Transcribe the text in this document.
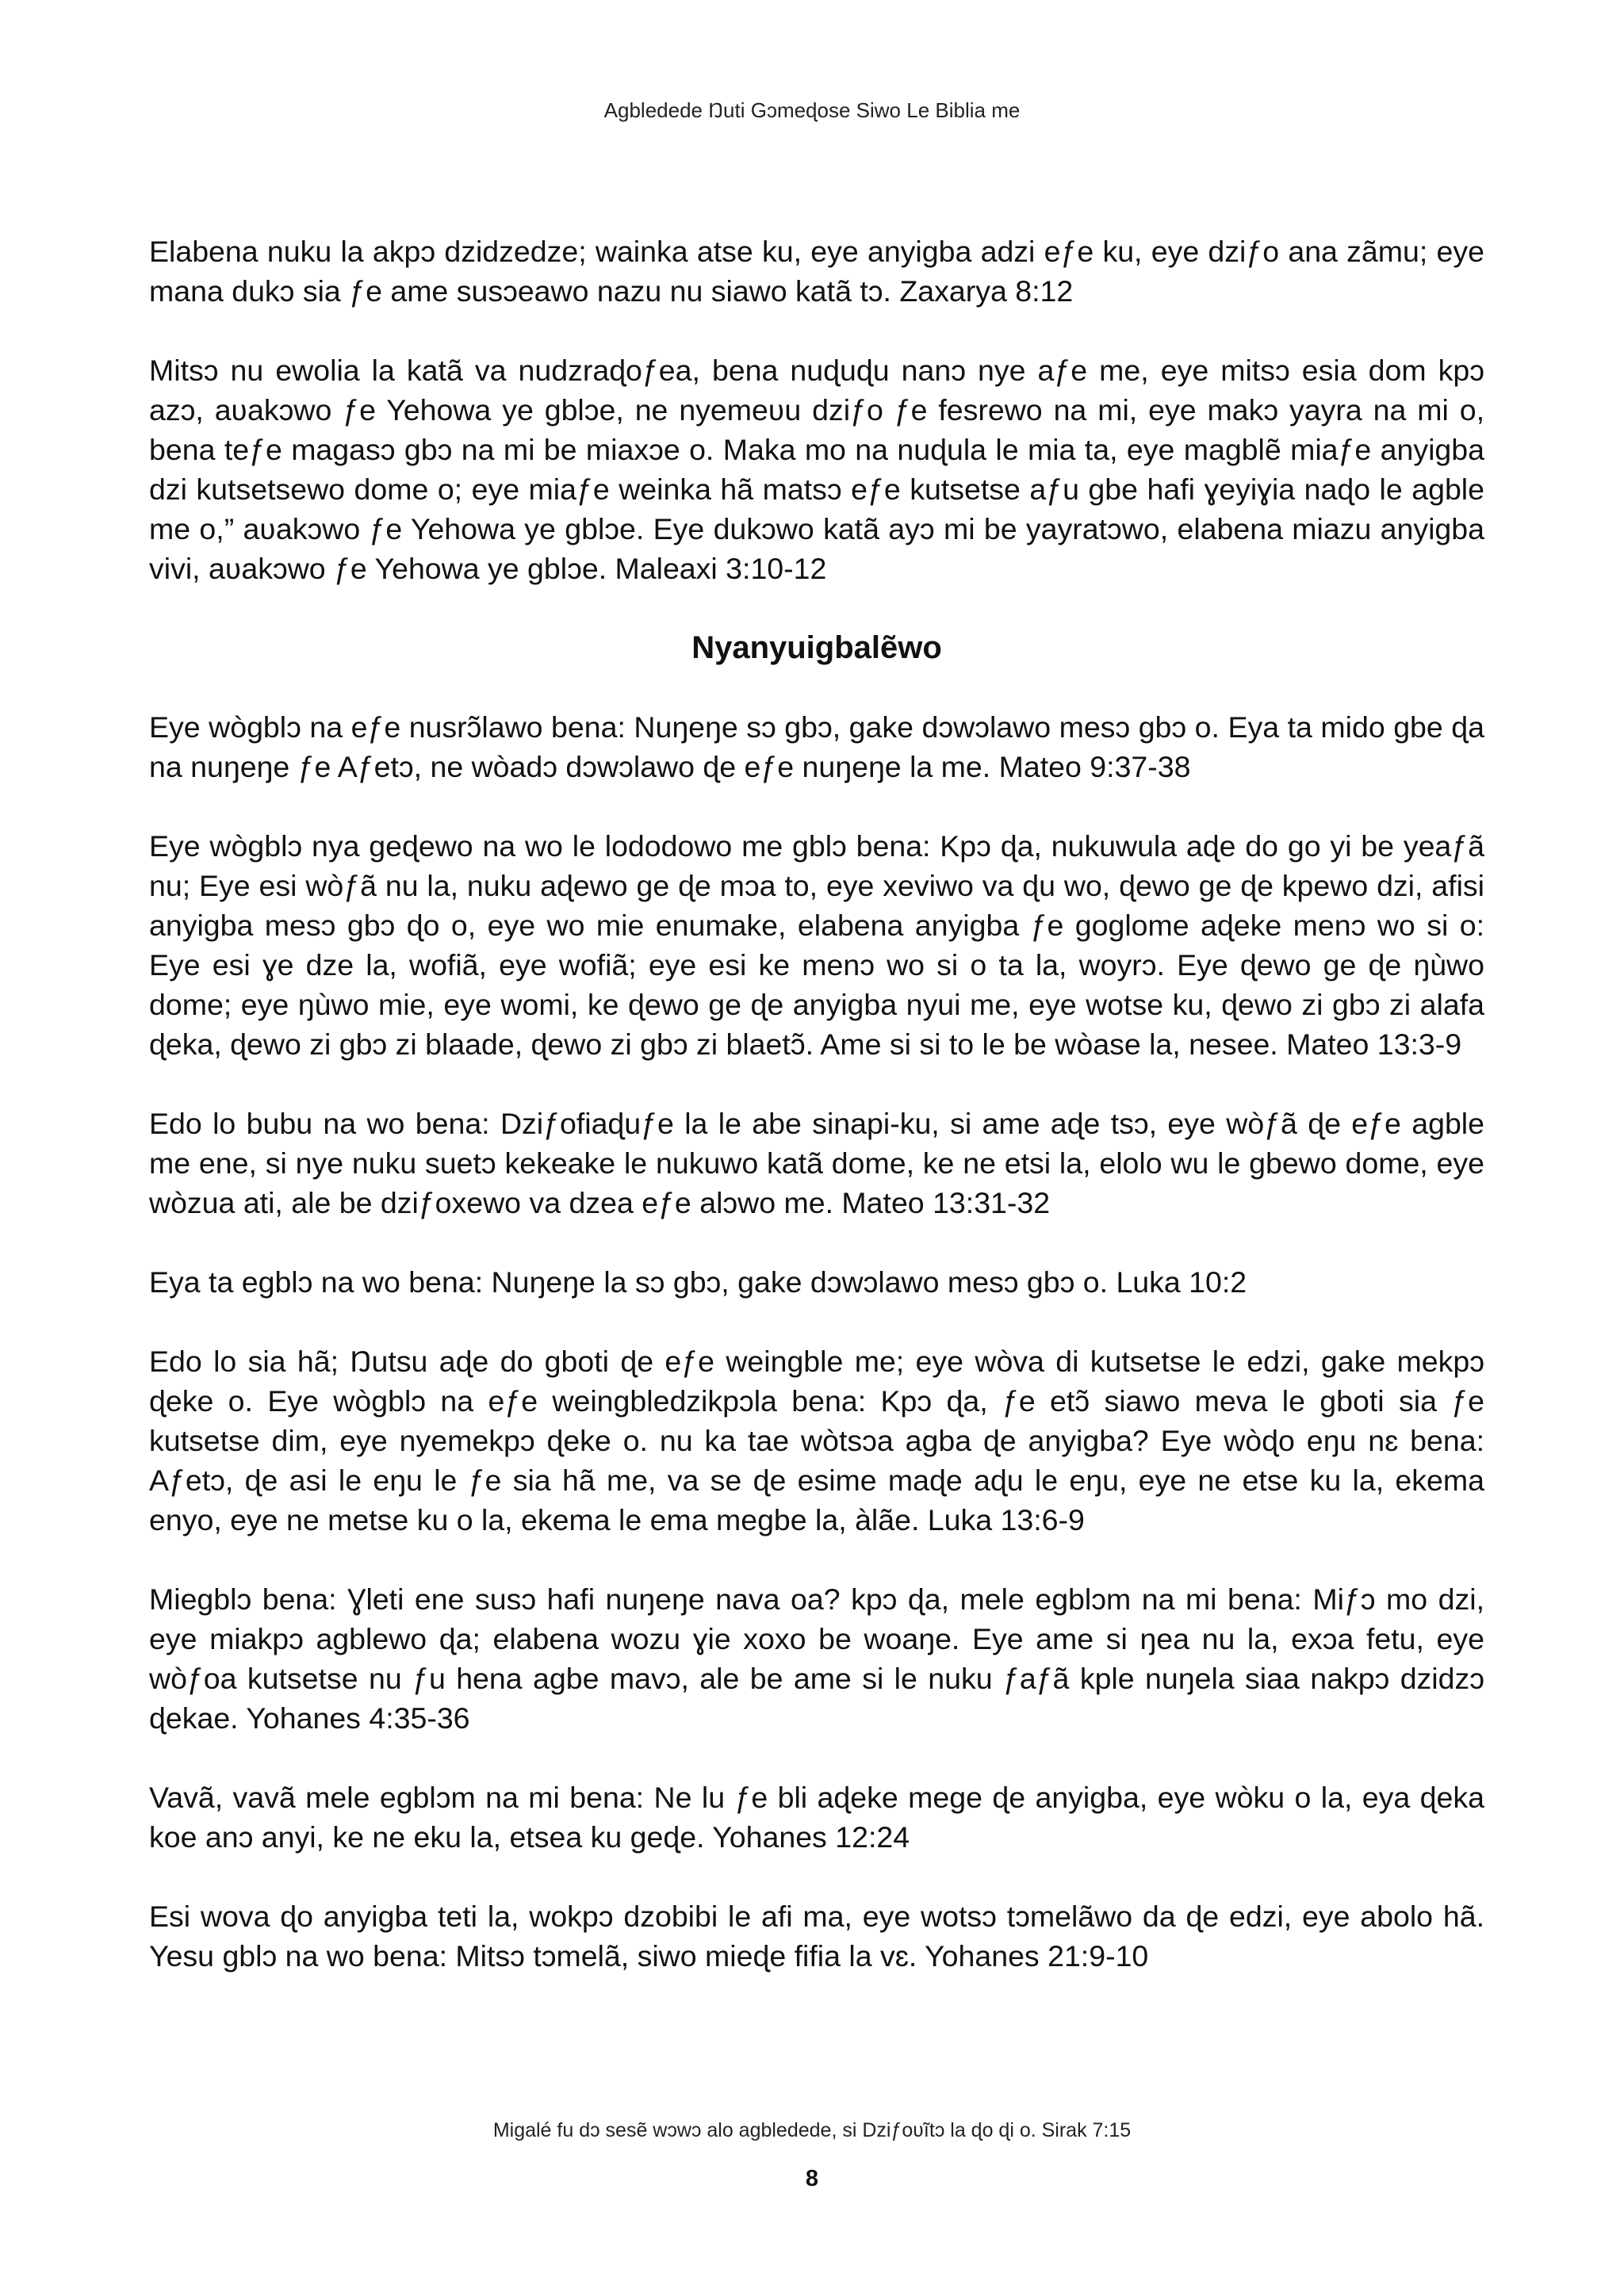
Agbledede Ŋuti Gɔmeɖose Siwo Le Biblia me

Elabena nuku la akpɔ dzidzedze; wainka atse ku, eye anyigba adzi eƒe ku, eye dziƒo ana zãmu; eye mana dukɔ sia ƒe ame susɔeawo nazu nu siawo katã tɔ. Zaxarya 8:12

Mitsɔ nu ewolia la katã va nudzraɖoƒea, bena nuɖuɖu nanɔ nye aƒe me, eye mitsɔ esia dom kpɔ azɔ, aʋakɔwo ƒe Yehowa ye gblɔe, ne nyemeʋu dziƒo ƒe fesrewo na mi, eye makɔ yayra na mi o, bena teƒe magasɔ gbɔ na mi be miaxɔe o. Maka mo na nuɖula le mia ta, eye magblẽ miaƒe anyigba dzi kutsetsewo dome o; eye miaƒe weinka hã matsɔ eƒe kutsetse aƒu gbe hafi ɣeyiɣia naɖo le agble me o,” aʋakɔwo ƒe Yehowa ye gblɔe. Eye dukɔwo katã ayɔ mi be yayratɔwo, elabena miazu anyigba vivi, aʋakɔwo ƒe Yehowa ye gblɔe. Maleaxi 3:10-12

Nyanyuigbalẽwo

Eye wògblɔ na eƒe nusrɔ̃lawo bena: Nuŋeŋe sɔ gbɔ, gake dɔwɔlawo mesɔ gbɔ o. Eya ta mido gbe ɖa na nuŋeŋe ƒe Aƒetɔ, ne wòadɔ dɔwɔlawo ɖe eƒe nuŋeŋe la me. Mateo 9:37-38

Eye wògblɔ nya geɖewo na wo le lododowo me gblɔ bena: Kpɔ ɖa, nukuwula aɖe do go yi be yeaƒã nu; Eye esi wòƒã nu la, nuku aɖewo ge ɖe mɔa to, eye xeviwo va ɖu wo, ɖewo ge ɖe kpewo dzi, afisi anyigba mesɔ gbɔ ɖo o, eye wo mie enumake, elabena anyigba ƒe goglome aɖeke menɔ wo si o: Eye esi ɣe dze la, wofiã, eye wofiã; eye esi ke menɔ wo si o ta la, woyrɔ. Eye ɖewo ge ɖe ŋùwo dome; eye ŋùwo mie, eye womi, ke ɖewo ge ɖe anyigba nyui me, eye wotse ku, ɖewo zi gbɔ zi alafa ɖeka, ɖewo zi gbɔ zi blaade, ɖewo zi gbɔ zi blaetɔ̃. Ame si si to le be wòase la, nesee. Mateo 13:3-9

Edo lo bubu na wo bena: Dziƒofiaɖuƒe la le abe sinapi-ku, si ame aɖe tsɔ, eye wòƒã ɖe eƒe agble me ene, si nye nuku suetɔ kekeake le nukuwo katã dome, ke ne etsi la, elolo wu le gbewo dome, eye wòzua ati, ale be dziƒoxewo va dzea eƒe alɔwo me. Mateo 13:31-32

Eya ta egblɔ na wo bena: Nuŋeŋe la sɔ gbɔ, gake dɔwɔlawo mesɔ gbɔ o. Luka 10:2

Edo lo sia hã; Ŋutsu aɖe do gboti ɖe eƒe weingble me; eye wòva di kutsetse le edzi, gake mekpɔ ɖeke o. Eye wògblɔ na eƒe weingbledzikpɔla bena: Kpɔ ɖa, ƒe etɔ̃ siawo meva le gboti sia ƒe kutsetse dim, eye nyemekpɔ ɖeke o. nu ka tae wòtsɔa agba ɖe anyigba? Eye wòɖo eŋu nɛ bena: Aƒetɔ, ɖe asi le eŋu le ƒe sia hã me, va se ɖe esime maɖe aɖu le eŋu, eye ne etse ku la, ekema enyo, eye ne metse ku o la, ekema le ema megbe la, àlãe. Luka 13:6-9

Miegblɔ bena: Ɣleti ene susɔ hafi nuŋeŋe nava oa? kpɔ ɖa, mele egblɔm na mi bena: Miƒɔ mo dzi, eye miakpɔ agblewo ɖa; elabena wozu ɣie xoxo be woaŋe. Eye ame si ŋea nu la, exɔa fetu, eye wòƒoa kutsetse nu ƒu hena agbe mavɔ, ale be ame si le nuku ƒaƒã kple nuŋela siaa nakpɔ dzidzɔ ɖekae. Yohanes 4:35-36

Vavã, vavã mele egblɔm na mi bena: Ne lu ƒe bli aɖeke mege ɖe anyigba, eye wòku o la, eya ɖeka koe anɔ anyi, ke ne eku la, etsea ku geɖe. Yohanes 12:24

Esi wova ɖo anyigba teti la, wokpɔ dzobibi le afi ma, eye wotsɔ tɔmelãwo da ɖe edzi, eye abolo hã. Yesu gblɔ na wo bena: Mitsɔ tɔmelã, siwo mieɖe fifia la vɛ. Yohanes 21:9-10

Migalé fu dɔ sesẽ wɔwɔ alo agbledede, si Dziƒoʋĩtɔ la ɖo ɖi o. Sirak 7:15
8
